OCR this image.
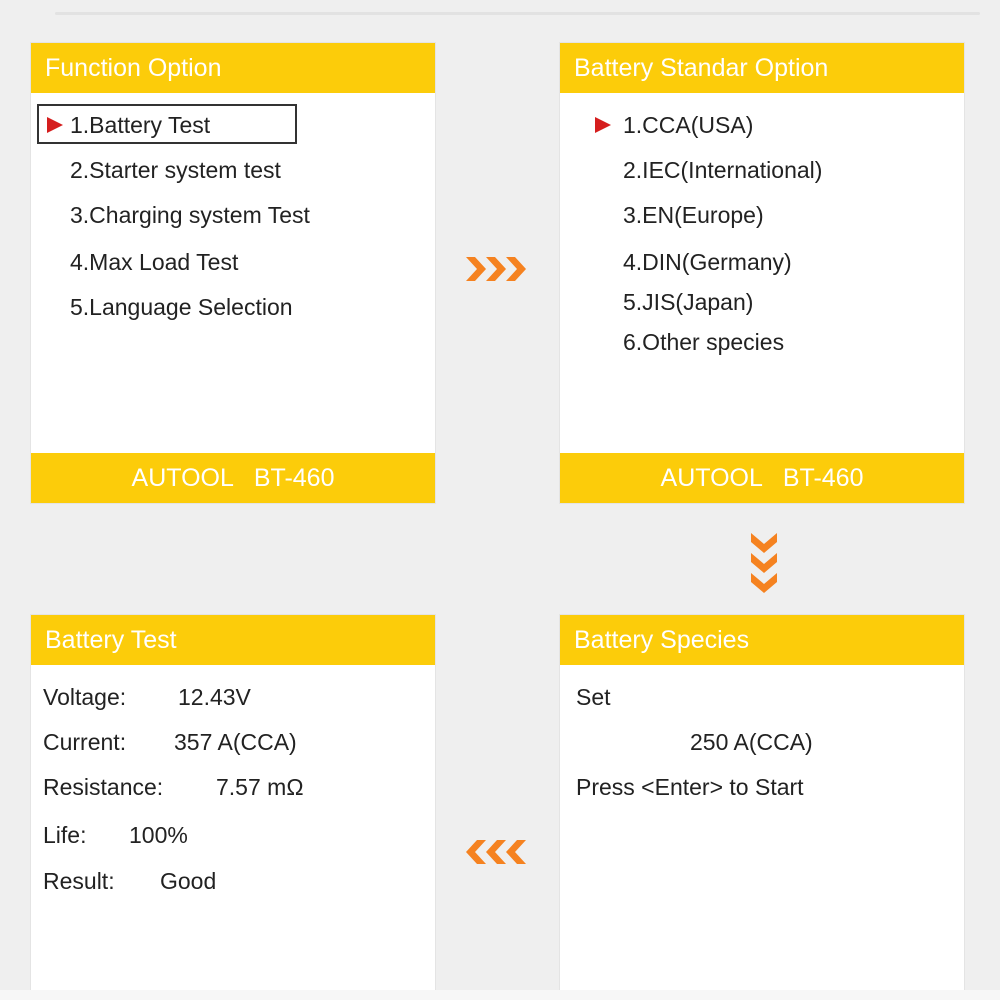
Function Option
1.Battery Test
2.Starter system test
3.Charging system Test
4.Max Load Test
5.Language Selection
AUTOOL BT-460
Battery Standar Option
1.CCA(USA)
2.IEC(International)
3.EN(Europe)
4.DIN(Germany)
5.JIS(Japan)
6.Other species
AUTOOL BT-460
Battery Test
Voltage: 12.43V
Current: 357 A(CCA)
Resistance: 7.57 mΩ
Life: 100%
Result: Good
Battery Species
Set
250 A(CCA)
Press <Enter> to Start
